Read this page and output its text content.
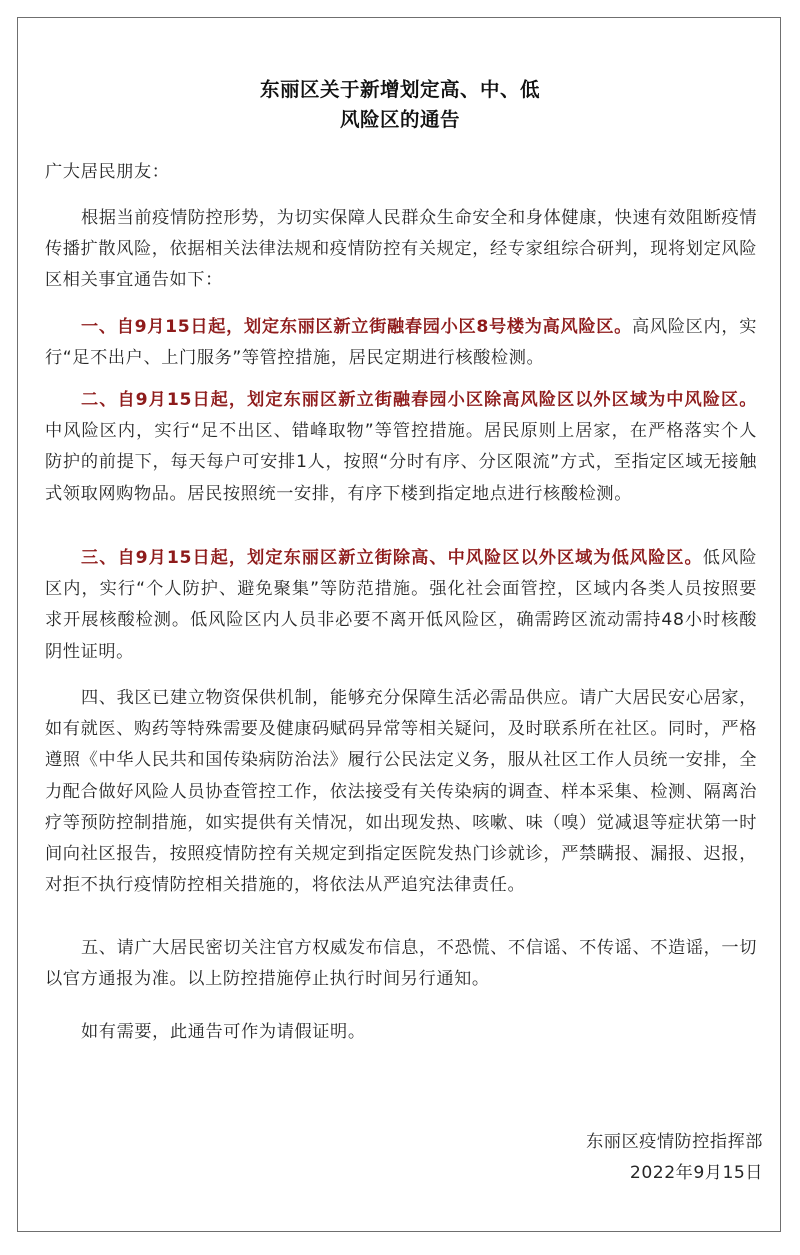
东丽区关于新增划定高、中、低
风险区的通告

广大居民朋友：

根据当前疫情防控形势，为切实保障人民群众生命安全和身体健康，快速有效阻断疫情传播扩散风险，依据相关法律法规和疫情防控有关规定，经专家组综合研判，现将划定风险区相关事宜通告如下：

一、自9月15日起，划定东丽区新立街融春园小区8号楼为高风险区。高风险区内，实行“足不出户、上门服务”等管控措施，居民定期进行核酸检测。

二、自9月15日起，划定东丽区新立街融春园小区除高风险区以外区域为中风险区。中风险区内，实行“足不出区、错峰取物”等管控措施。居民原则上居家，在严格落实个人防护的前提下，每天每户可安排1人，按照“分时有序、分区限流”方式，至指定区域无接触式领取网购物品。居民按照统一安排，有序下楼到指定地点进行核酸检测。

三、自9月15日起，划定东丽区新立街除高、中风险区以外区域为低风险区。低风险区内，实行“个人防护、避免聚集”等防范措施。强化社会面管控，区域内各类人员按照要求开展核酸检测。低风险区内人员非必要不离开低风险区，确需跨区流动需持48小时核酸阴性证明。

四、我区已建立物资保供机制，能够充分保障生活必需品供应。请广大居民安心居家，如有就医、购药等特殊需要及健康码赋码异常等相关疑问，及时联系所在社区。同时，严格遵照《中华人民共和国传染病防治法》履行公民法定义务，服从社区工作人员统一安排，全力配合做好风险人员协查管控工作，依法接受有关传染病的调查、样本采集、检测、隔离治疗等预防控制措施，如实提供有关情况，如出现发热、咳嗽、味（嗅）觉减退等症状第一时间向社区报告，按照疫情防控有关规定到指定医院发热门诊就诊，严禁瞒报、漏报、迟报，对拒不执行疫情防控相关措施的，将依法从严追究法律责任。

五、请广大居民密切关注官方权威发布信息，不恐慌、不信谣、不传谣、不造谣，一切以官方通报为准。以上防控措施停止执行时间另行通知。

如有需要，此通告可作为请假证明。

东丽区疫情防控指挥部
2022年9月15日
